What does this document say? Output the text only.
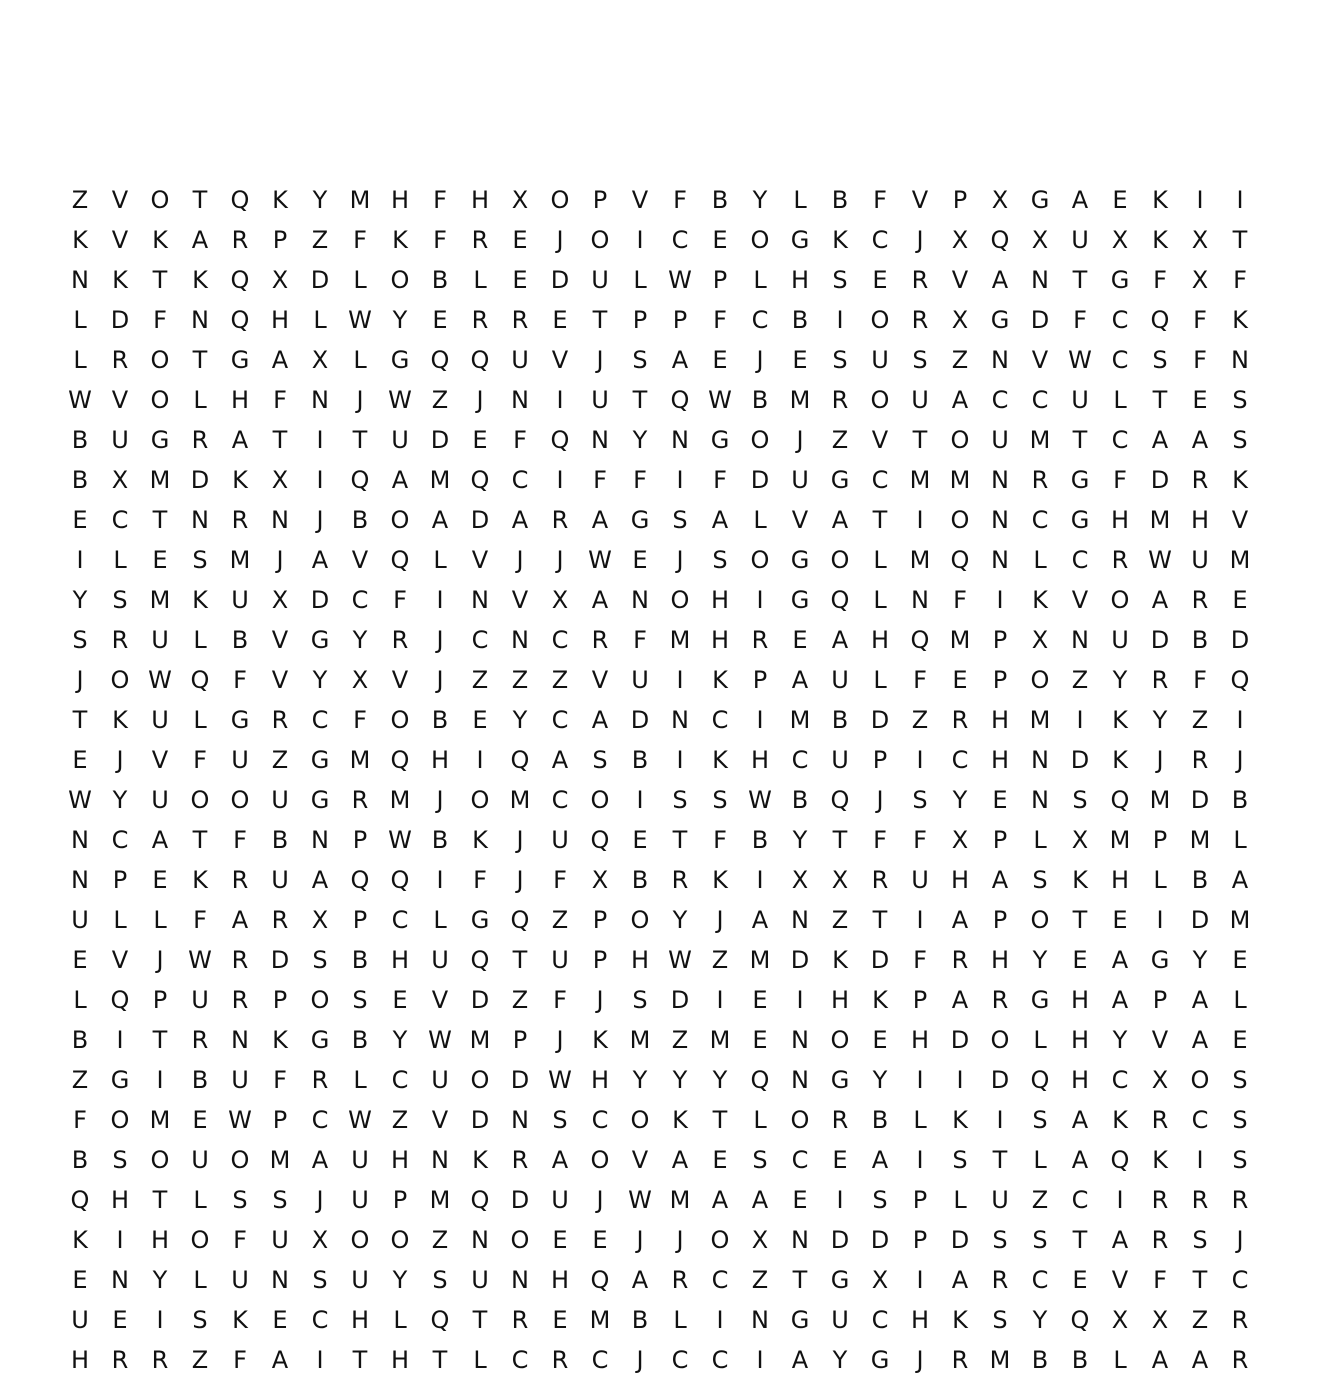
Z V O T Q K	Y M H	F	H X O P	V	F	B	Y	L	B	F	V	P	X G A	E	K	I	I
K V K A R	P	Z	F	K	F	R	E	J	O	I	C	E O G K C	J	X Q X U X K X	T
N K	T	K Q X D	L O B	L	E D U	L W P	L	H S	E	R V A N T G F	X	F
L	D F	N Q H	L W Y	E	R R	E	T	P	P	F	C B	I	O R X G D F	C Q F	K
L	R O T G A X	L	G Q Q U V	J	S	A	E	J	E	S U S	Z N V W C	S	F	N
W V O L	H	F	N	J	W Z	J	N	I	U T Q W B M R O U A C C U	L	T	E	S
B U G R A	T	I	T U D E	F Q N Y N G O	J	Z V	T O U M T	C A A	S
B X M D K X	I	Q A M Q C	I	F	F	I	F D U G C M M N R G F D R K
E	C	T N R N	J	B O A D A R A G S	A	L	V A	T	I	O N C G H M H V
I	L	E	S M	J	A V Q L	V	J	J	W E	J	S O G O L M Q N	L	C R W U M
Y	S M K U X D C	F	I	N V X A N O H	I	G Q L	N	F	I	K V O A R	E
S	R U	L	B V G Y	R	J	C N C R	F M H R	E	A H Q M P	X N U D B D
J	O W Q F	V	Y	X V	J	Z Z Z V U	I	K	P	A U	L	F	E	P O Z	Y	R	F Q
T	K U	L	G R C	F O B	E	Y	C A D N C	I	M B D Z R H M	I	K	Y	Z	I
E	J	V	F	U Z G M Q H	I	Q A	S	B	I	K H C U P	I	C H N D K	J	R	J
W Y U O O U G R M	J	O M C O	I	S	S W B Q	J	S	Y	E N S Q M D B
N C A	T	F	B N P W B K	J	U Q E	T	F	B	Y	T	F	F	X	P	L	X M P M L
N P	E	K R U A Q Q	I	F	J	F	X B R K	I	X X R U H A	S	K H	L	B A
U	L	L	F	A R X	P	C	L	G Q Z	P O Y	J	A N Z	T	I	A	P O T	E	I	D M
E	V	J	W R D S	B H U Q T U P H W Z M D K D F	R H Y	E	A G Y	E
L Q P U R	P O S	E	V D Z	F	J	S D	I	E	I	H K	P	A R G H A	P	A	L
B	I	T	R N K G B	Y W M P	J	K M Z M E N O E H D O L	H Y	V A	E
Z G	I	B U	F	R	L	C U O D W H Y	Y	Y Q N G Y	I	I	D Q H C X O S
F O M E W P	C W Z V D N S	C O K	T	L O R B	L	K	I	S	A K R C	S
B	S O U O M A U H N K R A O V A	E	S	C	E	A	I	S	T	L	A Q K	I	S
Q H T	L	S	S	J	U P M Q D U	J	W M A A	E	I	S	P	L	U Z C	I	R R R
K	I	H O F	U X O O Z N O E	E	J	J	O X N D D P D S	S	T	A R	S	J
E N Y	L	U N S U Y	S U N H Q A R C Z	T G X	I	A R C	E	V	F	T	C
U E	I	S	K	E	C H	L Q T	R	E M B	L	I	N G U C H K	S	Y Q X X Z R
H R R Z	F	A	I	T H T	L	C R C	J	C C	I	A	Y G	J	R M B B	L	A A R
